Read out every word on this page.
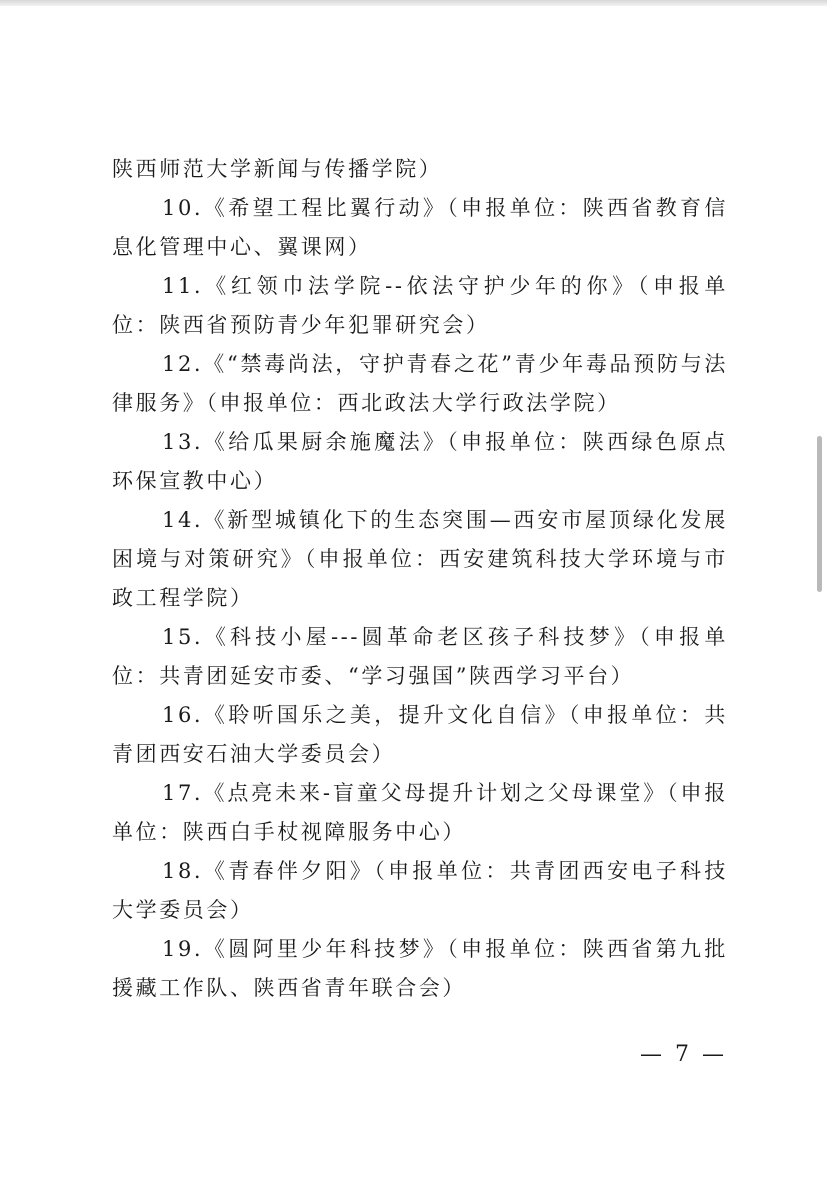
陕西师范大学新闻与传播学院）

10.《希望工程比翼行动》（申报单位：陕西省教育信息化管理中心、翼课网）

11.《红领巾法学院--依法守护少年的你》（申报单位：陕西省预防青少年犯罪研究会）

12.《“禁毒尚法，守护青春之花”青少年毒品预防与法律服务》（申报单位：西北政法大学行政法学院）

13.《给瓜果厨余施魔法》（申报单位：陕西绿色原点环保宣教中心）

14.《新型城镇化下的生态突围—西安市屋顶绿化发展困境与对策研究》（申报单位：西安建筑科技大学环境与市政工程学院）

15.《科技小屋---圆革命老区孩子科技梦》（申报单位：共青团延安市委、“学习强国”陕西学习平台）

16.《聆听国乐之美，提升文化自信》（申报单位：共青团西安石油大学委员会）

17.《点亮未来-盲童父母提升计划之父母课堂》（申报单位：陕西白手杖视障服务中心）

18.《青春伴夕阳》（申报单位：共青团西安电子科技大学委员会）

19.《圆阿里少年科技梦》（申报单位：陕西省第九批援藏工作队、陕西省青年联合会）

— 7 —
